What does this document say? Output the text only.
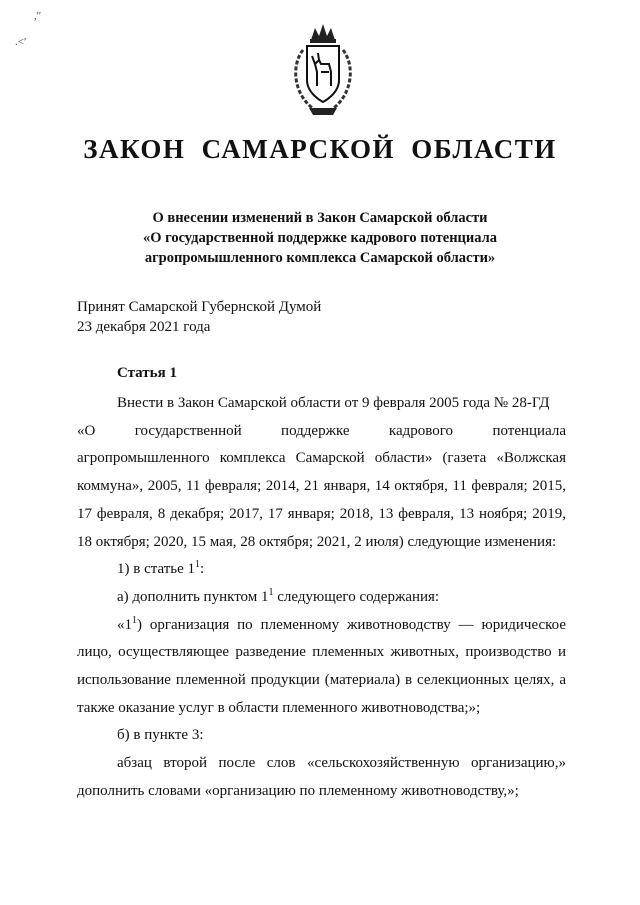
,'ʹ
.<ʹ
ЗАКОН САМАРСКОЙ ОБЛАСТИ
О внесении изменений в Закон Самарской области
«О государственной поддержке кадрового потенциала
агропромышленного комплекса Самарской области»
Принят Самарской Губернской Думой
23 декабря 2021 года
Статья 1

Внести в Закон Самарской области от 9 февраля 2005 года № 28-ГД

«О государственной поддержке кадрового потенциала

агропромышленного комплекса Самарской области» (газета «Волжская коммуна», 2005, 11 февраля; 2014, 21 января, 14 октября, 11 февраля; 2015, 17 февраля, 8 декабря; 2017, 17 января; 2018, 13 февраля, 13 ноября; 2019, 18 октября; 2020, 15 мая, 28 октября; 2021, 2 июля) следующие изменения:

1) в статье $1^1$:

а) дополнить пунктом $1^1$ следующего содержания:

«$1^1$) организация по племенному животноводству — юридическое лицо, осуществляющее разведение племенных животных, производство и использование племенной продукции (материала) в селекционных целях, а также оказание услуг в области племенного животноводства;»;

б) в пункте 3:

абзац второй после слов «сельскохозяйственную организацию,» дополнить словами «организацию по племенному животноводству,»;
